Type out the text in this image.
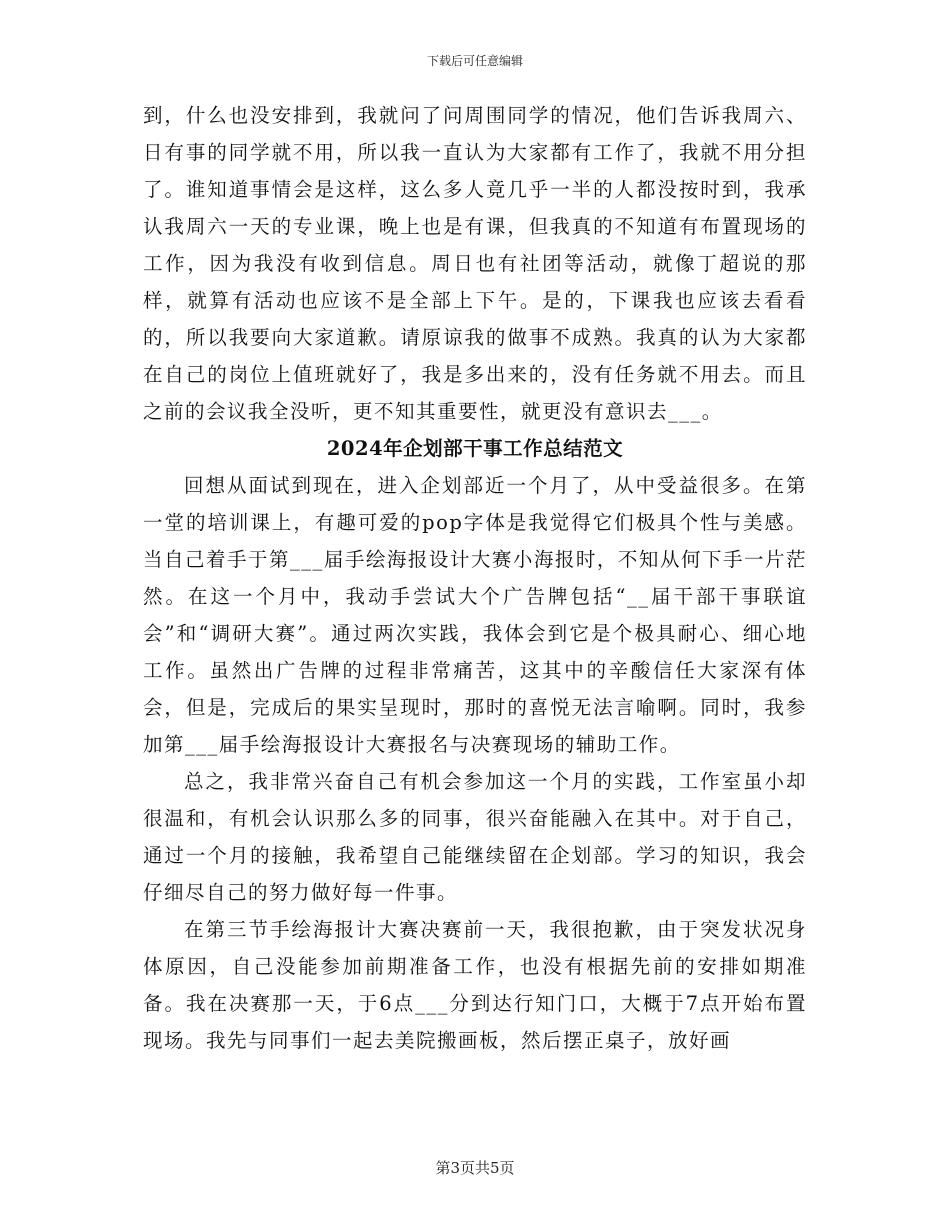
下载后可任意编辑

到，什么也没安排到，我就问了问周围同学的情况，他们告诉我周六、日有事的同学就不用，所以我一直认为大家都有工作了，我就不用分担了。谁知道事情会是这样，这么多人竟几乎一半的人都没按时到，我承认我周六一天的专业课，晚上也是有课，但我真的不知道有布置现场的工作，因为我没有收到信息。周日也有社团等活动，就像丁超说的那样，就算有活动也应该不是全部上下午。是的，下课我也应该去看看的，所以我要向大家道歉。请原谅我的做事不成熟。我真的认为大家都在自己的岗位上值班就好了，我是多出来的，没有任务就不用去。而且之前的会议我全没听，更不知其重要性，就更没有意识去___。

2024年企划部干事工作总结范文

回想从面试到现在，进入企划部近一个月了，从中受益很多。在第一堂的培训课上，有趣可爱的pop字体是我觉得它们极具个性与美感。当自己着手于第___届手绘海报设计大赛小海报时，不知从何下手一片茫然。在这一个月中，我动手尝试大个广告牌包括“__届干部干事联谊会”和“调研大赛”。通过两次实践，我体会到它是个极具耐心、细心地工作。虽然出广告牌的过程非常痛苦，这其中的辛酸信任大家深有体会，但是，完成后的果实呈现时，那时的喜悦无法言喻啊。同时，我参加第___届手绘海报设计大赛报名与决赛现场的辅助工作。

总之，我非常兴奋自己有机会参加这一个月的实践，工作室虽小却很温和，有机会认识那么多的同事，很兴奋能融入在其中。对于自己，通过一个月的接触，我希望自己能继续留在企划部。学习的知识，我会仔细尽自己的努力做好每一件事。

在第三节手绘海报计大赛决赛前一天，我很抱歉，由于突发状况身体原因，自己没能参加前期准备工作，也没有根据先前的安排如期准备。我在决赛那一天，于6点___分到达行知门口，大概于7点开始布置现场。我先与同事们一起去美院搬画板，然后摆正桌子，放好画

第3页共5页
